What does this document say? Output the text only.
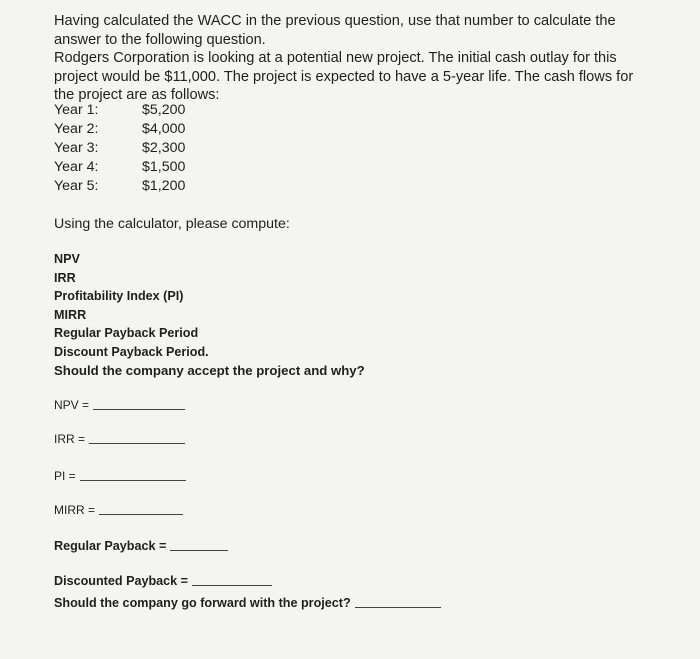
Having calculated the WACC in the previous question, use that number to calculate the answer to the following question.

Rodgers Corporation is looking at a potential new project. The initial cash outlay for this project would be $11,000. The project is expected to have a 5-year life. The cash flows for the project are as follows:

Year 1:	$5,200
Year 2:	$4,000
Year 3:	$2,300
Year 4:	$1,500
Year 5:	$1,200
Using the calculator, please compute:
NPV
IRR
Profitability Index (PI)
MIRR
Regular Payback Period
Discount Payback Period.
Should the company accept the project and why?
NPV =
IRR =
PI =
MIRR =
Regular Payback =
Discounted Payback =
Should the company go forward with the project?
